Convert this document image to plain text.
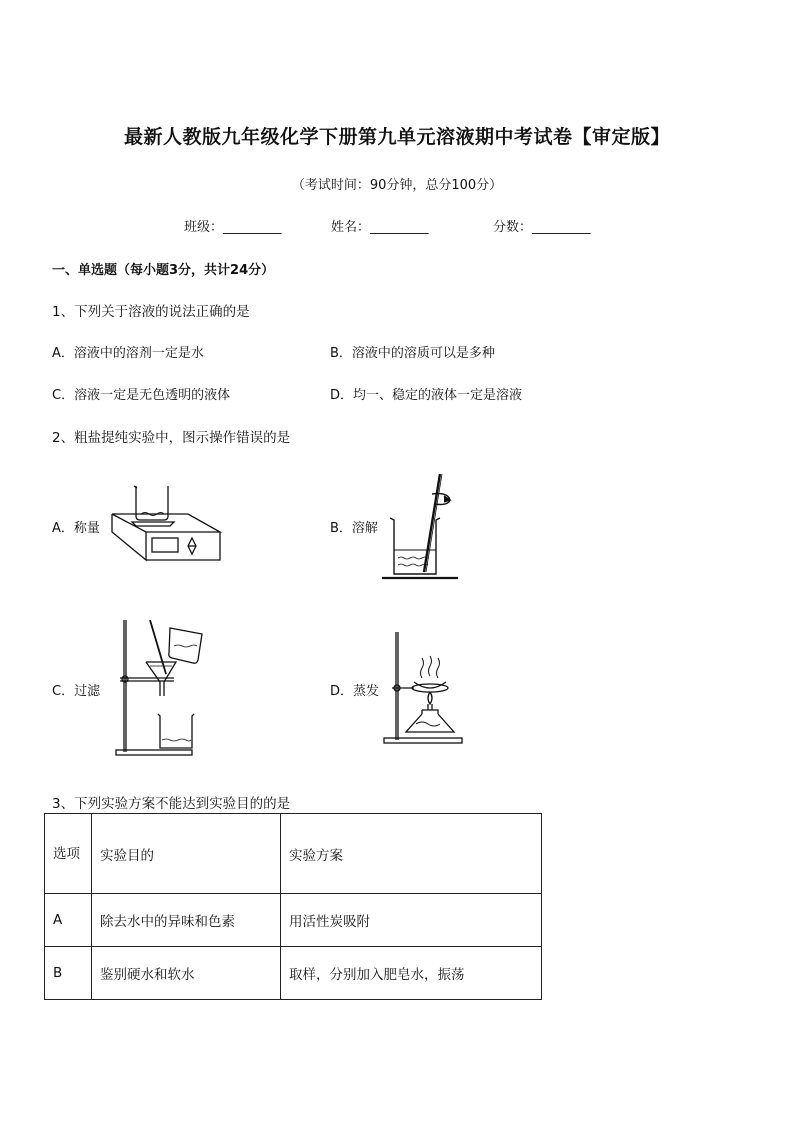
最新人教版九年级化学下册第九单元溶液期中考试卷【审定版】
（考试时间：90分钟，总分100分）
班级：_________	姓名：_________	分数：_________
一、单选题（每小题3分，共计24分）
1、下列关于溶液的说法正确的是
A．溶液中的溶剂一定是水	B．溶液中的溶质可以是多种
C．溶液一定是无色透明的液体	D．均一、稳定的液体一定是溶液
2、粗盐提纯实验中，图示操作错误的是
A．称量	B．溶解
C．过滤	D．蒸发
3、下列实验方案不能达到实验目的的是
选项	实验目的	实验方案
A	除去水中的异味和色素	用活性炭吸附
B	鉴别硬水和软水	取样，分别加入肥皂水，振荡
